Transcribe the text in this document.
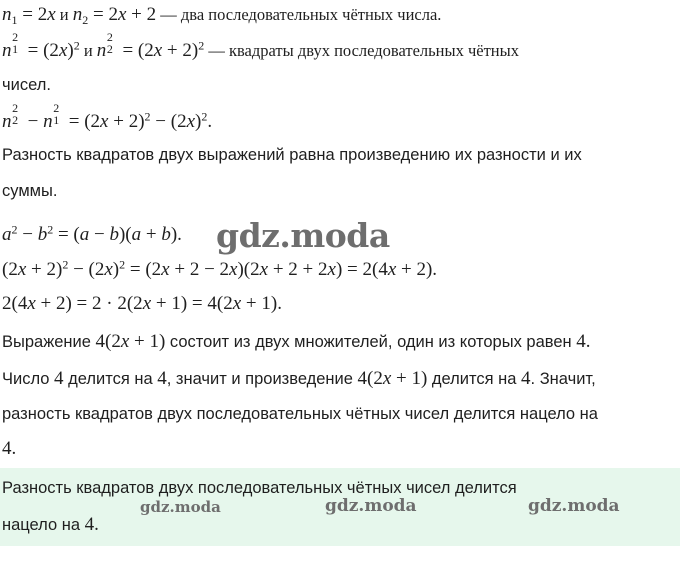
$n_1 = 2x$ и $n_2 = 2x + 2$ — два последовательных чётных числа.
n
2
$1 = (2x)^2$ и n
2
$2 = (2x + 2)^2$ — квадраты двух последовательных чётных
чисел.
n
2
2 − n
2
$1 = (2x + 2)^2 - (2x)^2$.
Разность квадратов двух выражений равна произведению их разности и их
суммы.
$a^2 - b^2 = (a - b)(a + b)$. gdz.moda
$(2x + 2)^2 - (2x)^2 = (2x + 2 - 2x)(2x + 2 + 2x) = 2(4x + 2)$.
2(4x + 2) = 2 · 2(2x + 1) = 4(2x + 1).
Выражение 4(2x + 1) состоит из двух множителей, один из которых равен 4.
Число 4 делится на 4, значит и произведение 4(2x + 1) делится на 4. Значит,
разность квадратов двух последовательных чётных чисел делится нацело на
4.
Разность квадратов двух последовательных чётных чисел делится
нацело на 4.
gdz.moda	gdz.moda	gdz.moda
